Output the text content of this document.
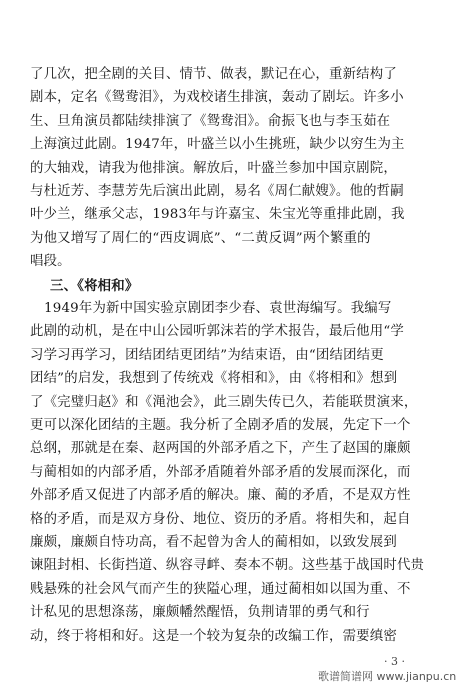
了几次，把全剧的关目、情节、做表，默记在心，重新结构了
剧本，定名《鸳鸯泪》，为戏校诸生排演，轰动了剧坛。许多小
生、旦角演员都陆续排演了《鸳鸯泪》。俞振飞也与李玉茹在
上海演过此剧。1947年，叶盛兰以小生挑班，缺少以穷生为主
的大轴戏，请我为他排演。解放后，叶盛兰参加中国京剧院，
与杜近芳、李慧芳先后演出此剧，易名《周仁献嫂》。他的哲嗣
叶少兰，继承父志，1983年与许嘉宝、朱宝光等重排此剧，我
为他又增写了周仁的“西皮调底”、“二黄反调”两个繁重的
唱段。
三、《将相和》
1949年为新中国实验京剧团李少春、袁世海编写。我编写
此剧的动机，是在中山公园听郭沫若的学术报告，最后他用“学
习学习再学习，团结团结更团结”为结束语，由“团结团结更
团结”的启发，我想到了传统戏《将相和》，由《将相和》想到
了《完璧归赵》和《渑池会》，此三剧失传已久，若能联贯演来，
更可以深化团结的主题。我分析了全剧矛盾的发展，先定下一个
总纲，那就是在秦、赵两国的外部矛盾之下，产生了赵国的廉颇
与蔺相如的内部矛盾，外部矛盾随着外部矛盾的发展而深化，而
外部矛盾又促进了内部矛盾的解决。廉、蔺的矛盾，不是双方性
格的矛盾，而是双方身份、地位、资历的矛盾。将相失和，起自
廉颇，廉颇自恃功高，看不起曾为舍人的蔺相如，以致发展到
谏阻封相、长街挡道、纵容寻衅、奏本不朝。这些基于战国时代贵
贱悬殊的社会风气而产生的狭隘心理，通过蔺相如以国为重、不
计私见的思想涤荡，廉颇幡然醒悟，负荆请罪的勇气和行
动，终于将相和好。这是一个较为复杂的改编工作，需要缜密
· 3 ·
歌谱简谱网 www.jianpu.cn
